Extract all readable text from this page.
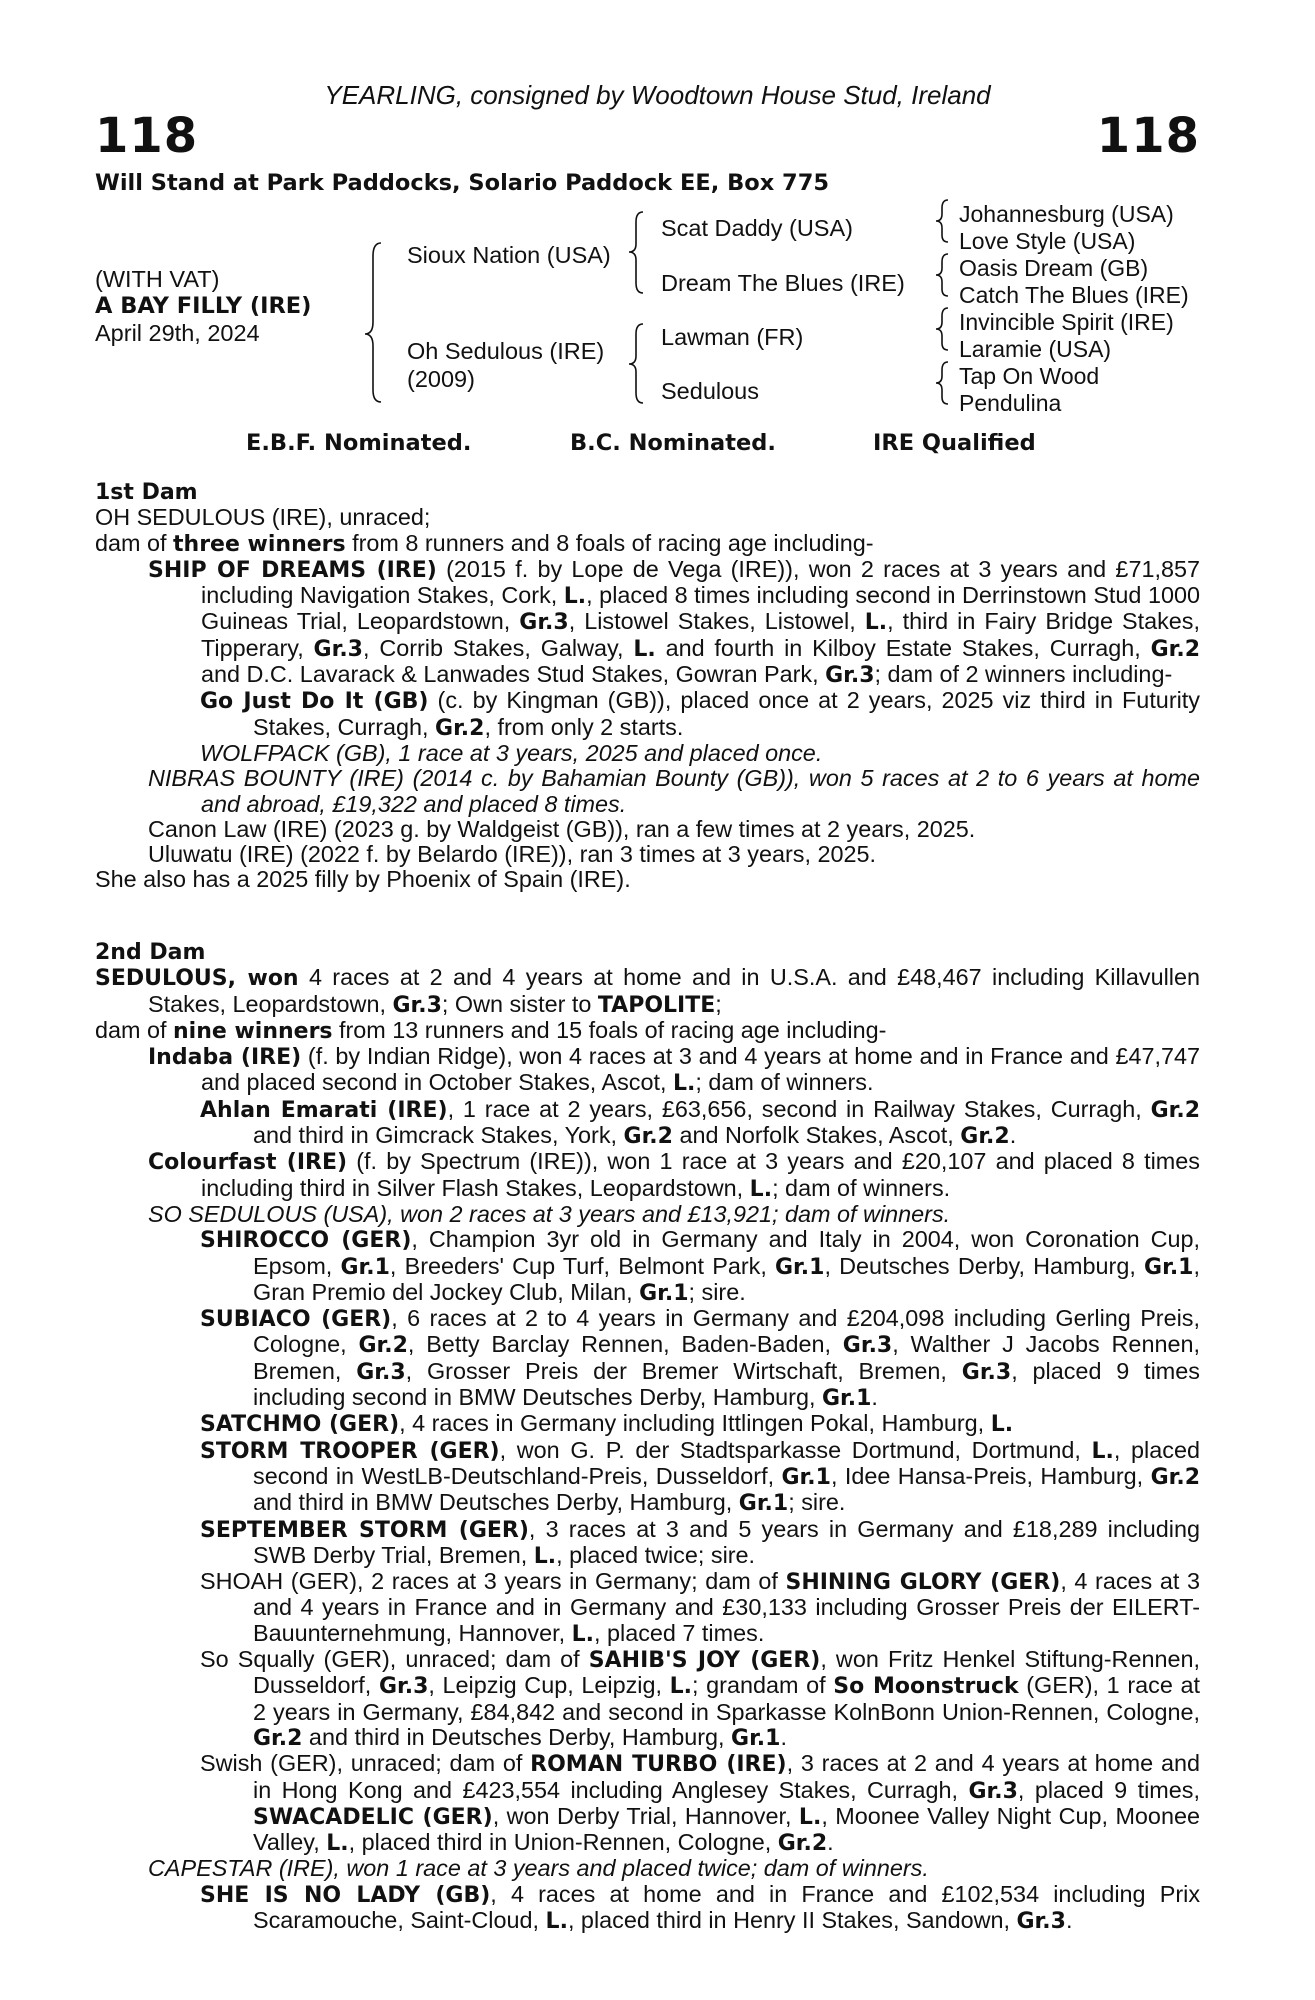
YEARLING, consigned by Woodtown House Stud, Ireland
118	118
Will Stand at Park Paddocks, Solario Paddock EE, Box 775
(WITH VAT)
A BAY FILLY (IRE)
April 29th, 2024
Sioux Nation (USA)
Oh Sedulous (IRE)
(2009)
Scat Daddy (USA)
Dream The Blues (IRE)
Lawman (FR)
Sedulous
Johannesburg (USA)
Love Style (USA)
Oasis Dream (GB)
Catch The Blues (IRE)
Invincible Spirit (IRE)
Laramie (USA)
Tap On Wood
Pendulina
E.B.F. Nominated.	B.C. Nominated.	IRE Qualified
1st Dam
OH SEDULOUS (IRE), unraced;
dam of three winners from 8 runners and 8 foals of racing age including-
SHIP OF DREAMS (IRE) (2015 f. by Lope de Vega (IRE)), won 2 races at 3 years and £71,857 including Navigation Stakes, Cork, L., placed 8 times including second in Derrinstown Stud 1000 Guineas Trial, Leopardstown, Gr.3, Listowel Stakes, Listowel, L., third in Fairy Bridge Stakes, Tipperary, Gr.3, Corrib Stakes, Galway, L. and fourth in Kilboy Estate Stakes, Curragh, Gr.2 and D.C. Lavarack & Lanwades Stud Stakes, Gowran Park, Gr.3; dam of 2 winners including-
Go Just Do It (GB) (c. by Kingman (GB)), placed once at 2 years, 2025 viz third in Futurity Stakes, Curragh, Gr.2, from only 2 starts.
WOLFPACK (GB), 1 race at 3 years, 2025 and placed once.
NIBRAS BOUNTY (IRE) (2014 c. by Bahamian Bounty (GB)), won 5 races at 2 to 6 years at home and abroad, £19,322 and placed 8 times.
Canon Law (IRE) (2023 g. by Waldgeist (GB)), ran a few times at 2 years, 2025.
Uluwatu (IRE) (2022 f. by Belardo (IRE)), ran 3 times at 3 years, 2025.
She also has a 2025 filly by Phoenix of Spain (IRE).
2nd Dam
SEDULOUS, won 4 races at 2 and 4 years at home and in U.S.A. and £48,467 including Killavullen Stakes, Leopardstown, Gr.3; Own sister to TAPOLITE;
dam of nine winners from 13 runners and 15 foals of racing age including-
Indaba (IRE) (f. by Indian Ridge), won 4 races at 3 and 4 years at home and in France and £47,747 and placed second in October Stakes, Ascot, L.; dam of winners.
Ahlan Emarati (IRE), 1 race at 2 years, £63,656, second in Railway Stakes, Curragh, Gr.2 and third in Gimcrack Stakes, York, Gr.2 and Norfolk Stakes, Ascot, Gr.2.
Colourfast (IRE) (f. by Spectrum (IRE)), won 1 race at 3 years and £20,107 and placed 8 times including third in Silver Flash Stakes, Leopardstown, L.; dam of winners.
SO SEDULOUS (USA), won 2 races at 3 years and £13,921; dam of winners.
SHIROCCO (GER), Champion 3yr old in Germany and Italy in 2004, won Coronation Cup, Epsom, Gr.1, Breeders' Cup Turf, Belmont Park, Gr.1, Deutsches Derby, Hamburg, Gr.1, Gran Premio del Jockey Club, Milan, Gr.1; sire.
SUBIACO (GER), 6 races at 2 to 4 years in Germany and £204,098 including Gerling Preis, Cologne, Gr.2, Betty Barclay Rennen, Baden-Baden, Gr.3, Walther J Jacobs Rennen, Bremen, Gr.3, Grosser Preis der Bremer Wirtschaft, Bremen, Gr.3, placed 9 times including second in BMW Deutsches Derby, Hamburg, Gr.1.
SATCHMO (GER), 4 races in Germany including Ittlingen Pokal, Hamburg, L.
STORM TROOPER (GER), won G. P. der Stadtsparkasse Dortmund, Dortmund, L., placed second in WestLB-Deutschland-Preis, Dusseldorf, Gr.1, Idee Hansa-Preis, Hamburg, Gr.2 and third in BMW Deutsches Derby, Hamburg, Gr.1; sire.
SEPTEMBER STORM (GER), 3 races at 3 and 5 years in Germany and £18,289 including SWB Derby Trial, Bremen, L., placed twice; sire.
SHOAH (GER), 2 races at 3 years in Germany; dam of SHINING GLORY (GER), 4 races at 3 and 4 years in France and in Germany and £30,133 including Grosser Preis der EILERT-Bauunternehmung, Hannover, L., placed 7 times.
So Squally (GER), unraced; dam of SAHIB'S JOY (GER), won Fritz Henkel Stiftung-Rennen, Dusseldorf, Gr.3, Leipzig Cup, Leipzig, L.; grandam of So Moonstruck (GER), 1 race at 2 years in Germany, £84,842 and second in Sparkasse KolnBonn Union-Rennen, Cologne, Gr.2 and third in Deutsches Derby, Hamburg, Gr.1.
Swish (GER), unraced; dam of ROMAN TURBO (IRE), 3 races at 2 and 4 years at home and in Hong Kong and £423,554 including Anglesey Stakes, Curragh, Gr.3, placed 9 times, SWACADELIC (GER), won Derby Trial, Hannover, L., Moonee Valley Night Cup, Moonee Valley, L., placed third in Union-Rennen, Cologne, Gr.2.
CAPESTAR (IRE), won 1 race at 3 years and placed twice; dam of winners.
SHE IS NO LADY (GB), 4 races at home and in France and £102,534 including Prix Scaramouche, Saint-Cloud, L., placed third in Henry II Stakes, Sandown, Gr.3.
